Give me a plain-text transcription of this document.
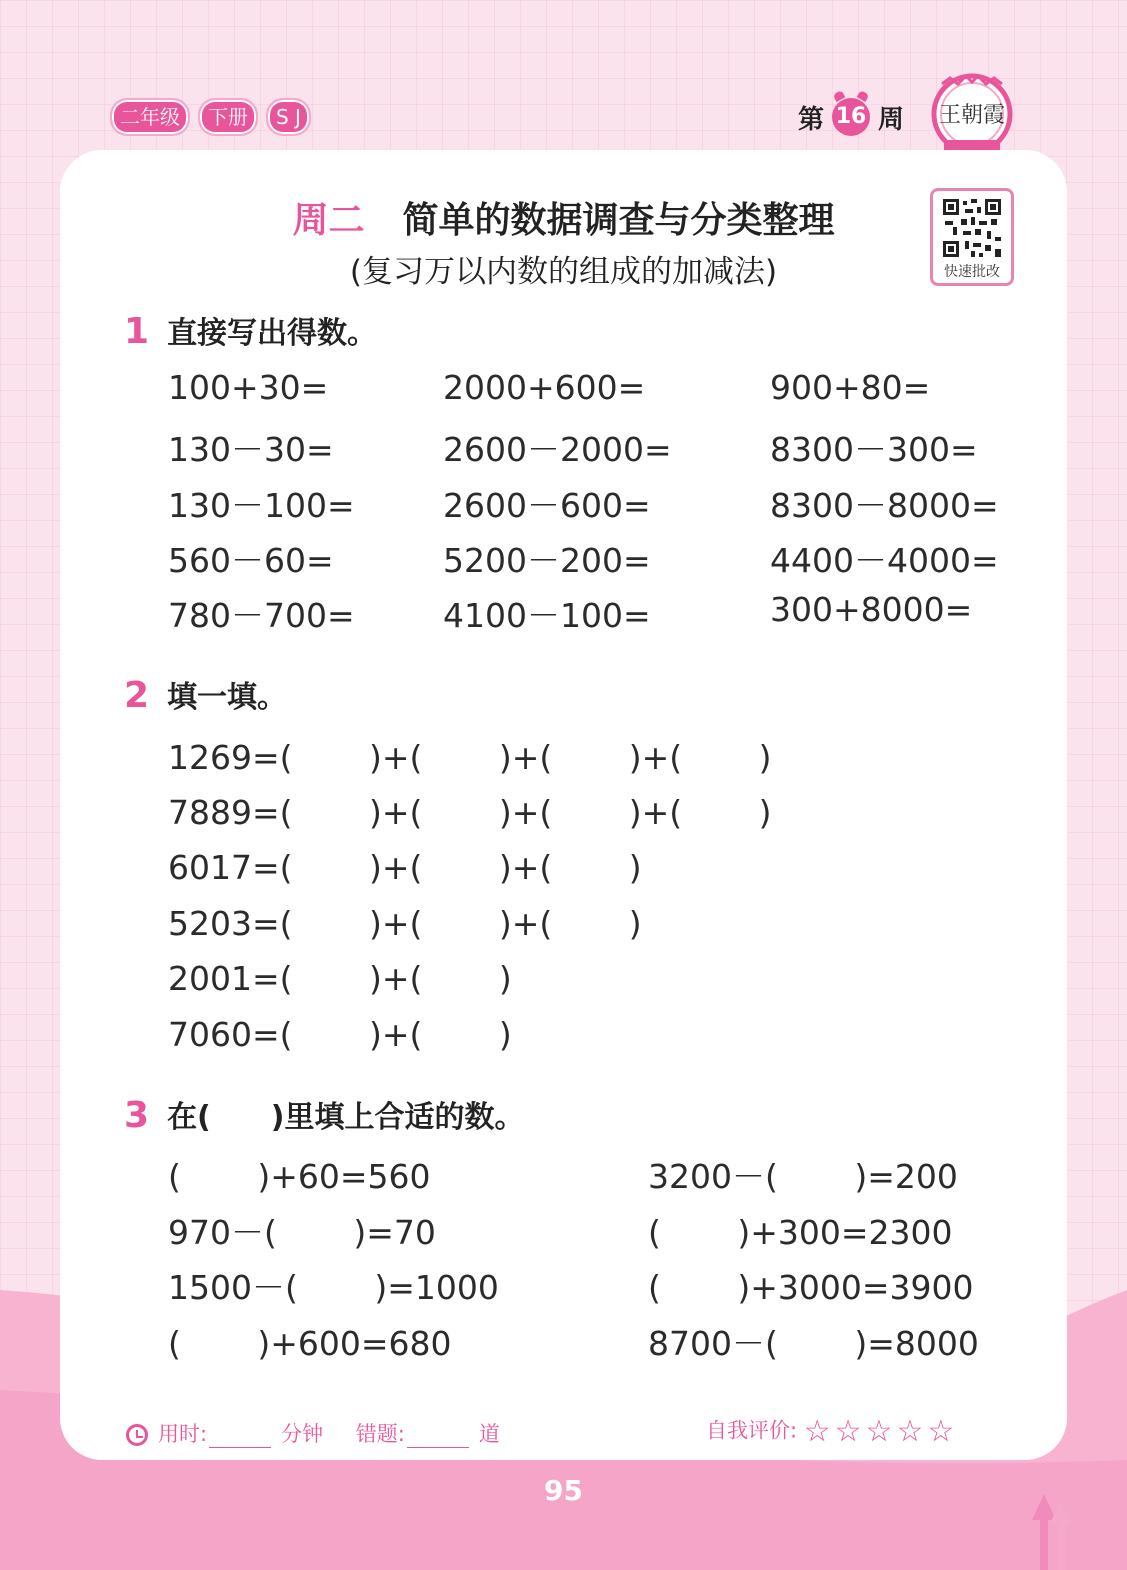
二年级	下册	S J	第 16 周 王朝霞
快速批改
周二 简单的数据调查与分类整理
(复习万以内数的组成的加减法)
1 直接写出得数。
100+30=	2000+600=	900+80=
130－30=	2600－2000=	8300－300=
130－100=	2600－600=	8300－8000=
560－60=	5200－200=	4400－4000=
780－700=	4100－100=	300+8000=
2 填一填。
1269=(　　 )+(　　 )+(　　 )+(　　 )
7889=(　　 )+(　　 )+(　　 )+(　　 )
6017=(　　 )+(　　 )+(　　 )
5203=(　　 )+(　　 )+(　　 )
2001=(　　 )+(　　 )
7060=(　　 )+(　　 )
3 在(　　)里填上合适的数。
(　　 )+60=560	3200－(　　 )=200
970－(　　 )=70	(　　 )+300=2300
1500－(　　 )=1000	(　　 )+3000=3900
(　　 )+600=680	8700－(　　 )=8000
用时:	分钟 错题:	道	自我评价: ☆☆☆☆☆
95
